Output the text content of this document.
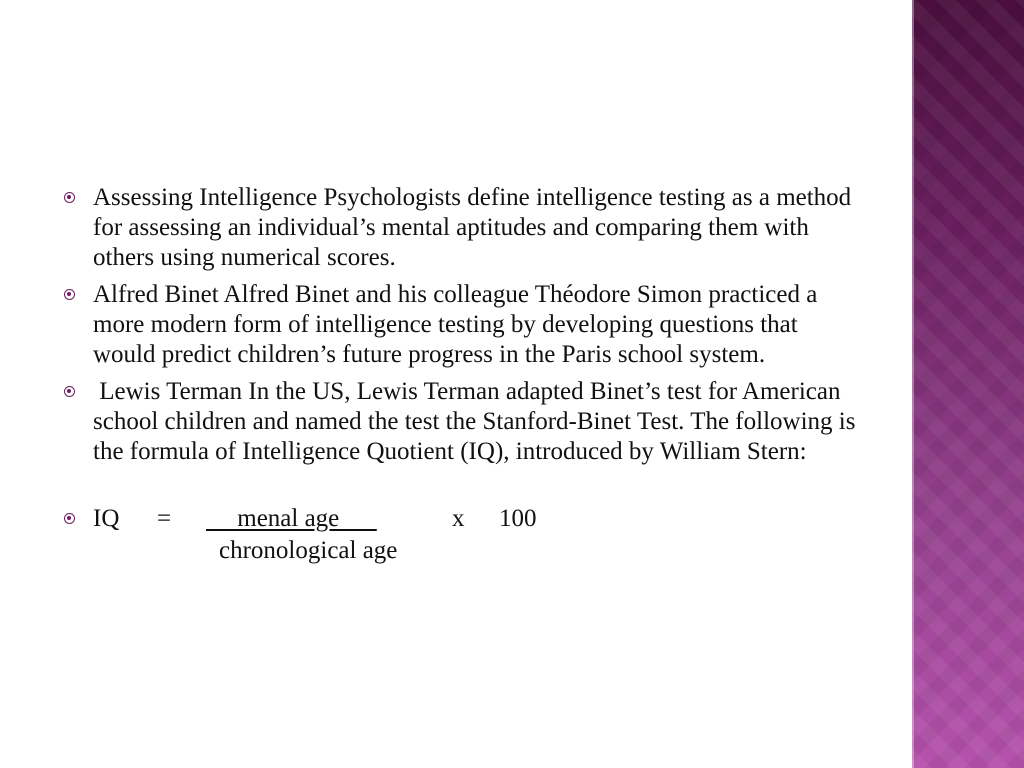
Assessing Intelligence Psychologists define intelligence testing as a method for assessing an individual’s mental aptitudes and comparing them with others using numerical scores.
Alfred Binet Alfred Binet and his colleague Théodore Simon practiced a more modern form of intelligence testing by developing questions that would predict children’s future progress in the Paris school system.
Lewis Terman In the US, Lewis Terman adapted Binet’s test for American school children and named the test the Stanford-Binet Test. The following is the formula of Intelligence Quotient (IQ), introduced by William Stern:
IQ = menal age	x 100
chronological age
